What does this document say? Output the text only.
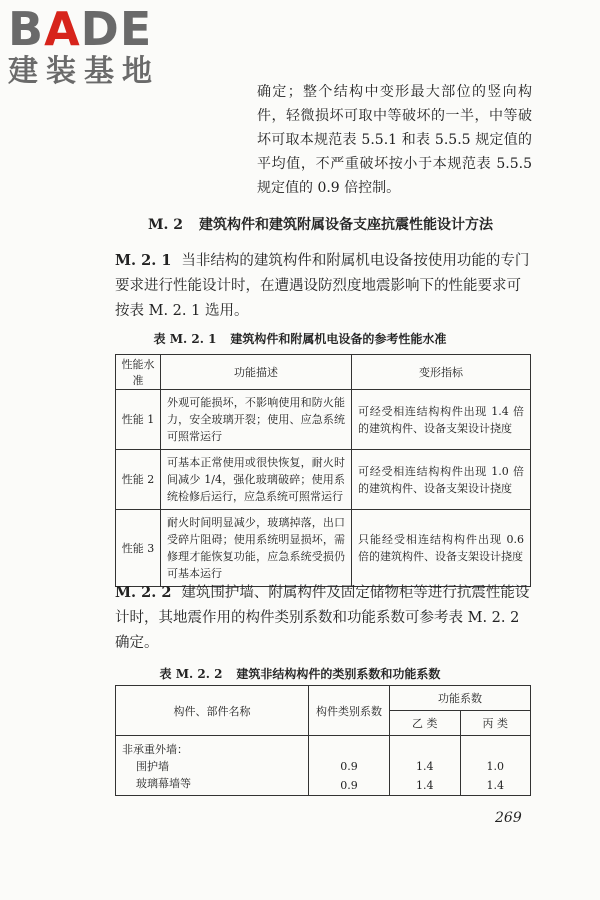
BADE
建装基地
确定；整个结构中变形最大部位的竖向构件，轻微损坏可取中等破坏的一半，中等破坏可取本规范表 5.5.1 和表 5.5.5 规定值的平均值，不严重破坏按小于本规范表 5.5.5 规定值的 0.9 倍控制。
M. 2 建筑构件和建筑附属设备支座抗震性能设计方法
M. 2. 1 当非结构的建筑构件和附属机电设备按使用功能的专门要求进行性能设计时，在遭遇设防烈度地震影响下的性能要求可按表 M. 2. 1 选用。
表 M. 2. 1 建筑构件和附属机电设备的参考性能水准
性能水准	功能描述	变形指标
性能 1	外观可能损坏，不影响使用和防火能力，安全玻璃开裂；使用、应急系统可照常运行	可经受相连结构构件出现 1.4 倍的建筑构件、设备支架设计挠度
性能 2	可基本正常使用或很快恢复，耐火时间减少 1/4，强化玻璃破碎；使用系统检修后运行，应急系统可照常运行	可经受相连结构构件出现 1.0 倍的建筑构件、设备支架设计挠度
性能 3	耐火时间明显减少，玻璃掉落，出口受碎片阻碍；使用系统明显损坏，需修理才能恢复功能，应急系统受损仍可基本运行	只能经受相连结构构件出现 0.6 倍的建筑构件、设备支架设计挠度
M. 2. 2 建筑围护墙、附属构件及固定储物柜等进行抗震性能设计时，其地震作用的构件类别系数和功能系数可参考表 M. 2. 2 确定。
表 M. 2. 2 建筑非结构构件的类别系数和功能系数
构件、部件名称	构件类别系数	功能系数	
		乙 类	丙 类
非承重外墙：			
围护墙	0.9	1.4	1.0
玻璃幕墙等	0.9	1.4	1.4
269
